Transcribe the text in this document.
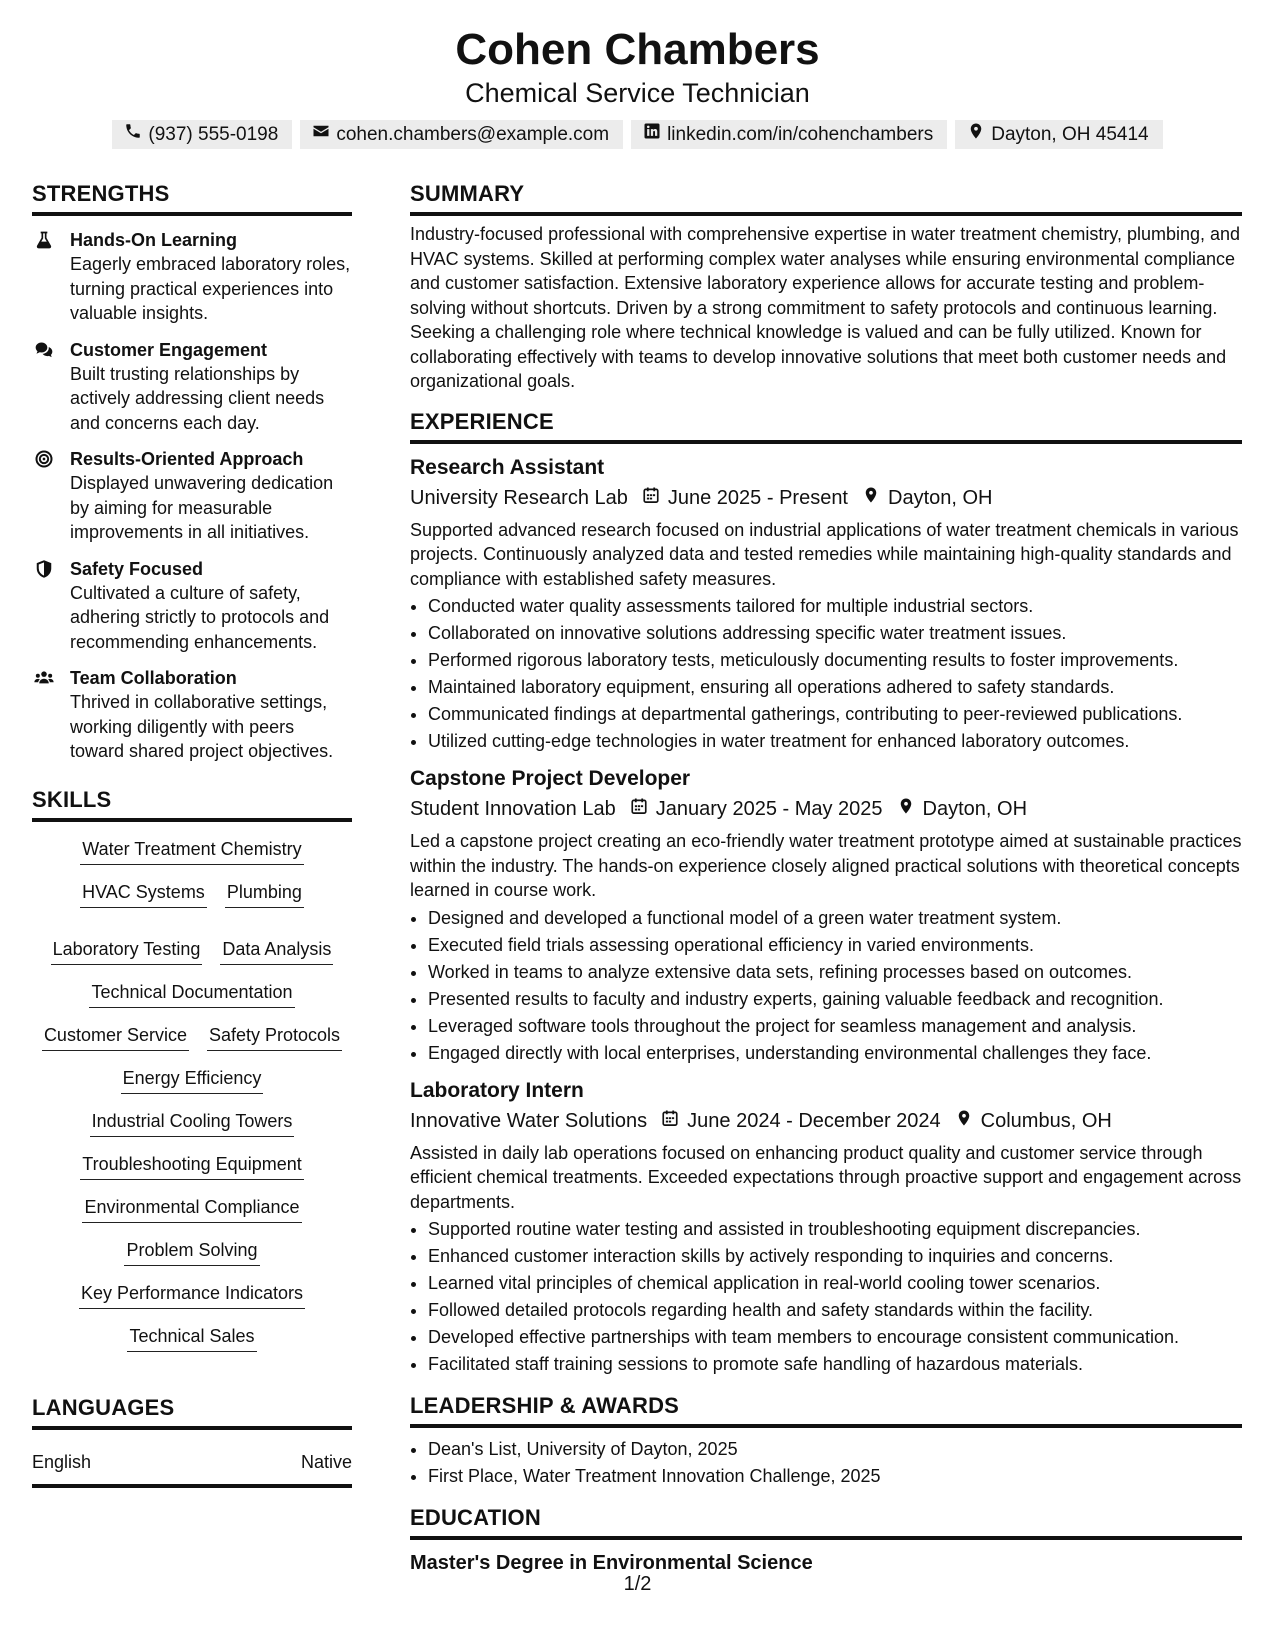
Cohen Chambers
Chemical Service Technician
(937) 555-0198	cohen.chambers@example.com	linkedin.com/in/cohenchambers	Dayton, OH 45414
STRENGTHS
Hands-On Learning
Eagerly embraced laboratory roles, turning practical experiences into valuable insights.
Customer Engagement
Built trusting relationships by actively addressing client needs and concerns each day.
Results-Oriented Approach
Displayed unwavering dedication by aiming for measurable improvements in all initiatives.
Safety Focused
Cultivated a culture of safety, adhering strictly to protocols and recommending enhancements.
Team Collaboration
Thrived in collaborative settings, working diligently with peers toward shared project objectives.
SKILLS
Water Treatment Chemistry
HVAC Systems Plumbing
Laboratory Testing Data Analysis
Technical Documentation
Customer Service Safety Protocols
Energy Efficiency
Industrial Cooling Towers
Troubleshooting Equipment
Environmental Compliance
Problem Solving
Key Performance Indicators
Technical Sales
LANGUAGES
English	Native
SUMMARY
Industry-focused professional with comprehensive expertise in water treatment chemistry, plumbing, and HVAC systems. Skilled at performing complex water analyses while ensuring environmental compliance and customer satisfaction. Extensive laboratory experience allows for accurate testing and problem-solving without shortcuts. Driven by a strong commitment to safety protocols and continuous learning. Seeking a challenging role where technical knowledge is valued and can be fully utilized. Known for collaborating effectively with teams to develop innovative solutions that meet both customer needs and organizational goals.
EXPERIENCE
Research Assistant
University Research Lab June 2025 - Present Dayton, OH
Supported advanced research focused on industrial applications of water treatment chemicals in various projects. Continuously analyzed data and tested remedies while maintaining high-quality standards and compliance with established safety measures.
• Conducted water quality assessments tailored for multiple industrial sectors.
• Collaborated on innovative solutions addressing specific water treatment issues.
• Performed rigorous laboratory tests, meticulously documenting results to foster improvements.
• Maintained laboratory equipment, ensuring all operations adhered to safety standards.
• Communicated findings at departmental gatherings, contributing to peer-reviewed publications.
• Utilized cutting-edge technologies in water treatment for enhanced laboratory outcomes.
Capstone Project Developer
Student Innovation Lab January 2025 - May 2025 Dayton, OH
Led a capstone project creating an eco-friendly water treatment prototype aimed at sustainable practices within the industry. The hands-on experience closely aligned practical solutions with theoretical concepts learned in course work.
• Designed and developed a functional model of a green water treatment system.
• Executed field trials assessing operational efficiency in varied environments.
• Worked in teams to analyze extensive data sets, refining processes based on outcomes.
• Presented results to faculty and industry experts, gaining valuable feedback and recognition.
• Leveraged software tools throughout the project for seamless management and analysis.
• Engaged directly with local enterprises, understanding environmental challenges they face.
Laboratory Intern
Innovative Water Solutions June 2024 - December 2024 Columbus, OH
Assisted in daily lab operations focused on enhancing product quality and customer service through efficient chemical treatments. Exceeded expectations through proactive support and engagement across departments.
• Supported routine water testing and assisted in troubleshooting equipment discrepancies.
• Enhanced customer interaction skills by actively responding to inquiries and concerns.
• Learned vital principles of chemical application in real-world cooling tower scenarios.
• Followed detailed protocols regarding health and safety standards within the facility.
• Developed effective partnerships with team members to encourage consistent communication.
• Facilitated staff training sessions to promote safe handling of hazardous materials.
LEADERSHIP & AWARDS
• Dean's List, University of Dayton, 2025
• First Place, Water Treatment Innovation Challenge, 2025
EDUCATION
Master's Degree in Environmental Science
1/2
